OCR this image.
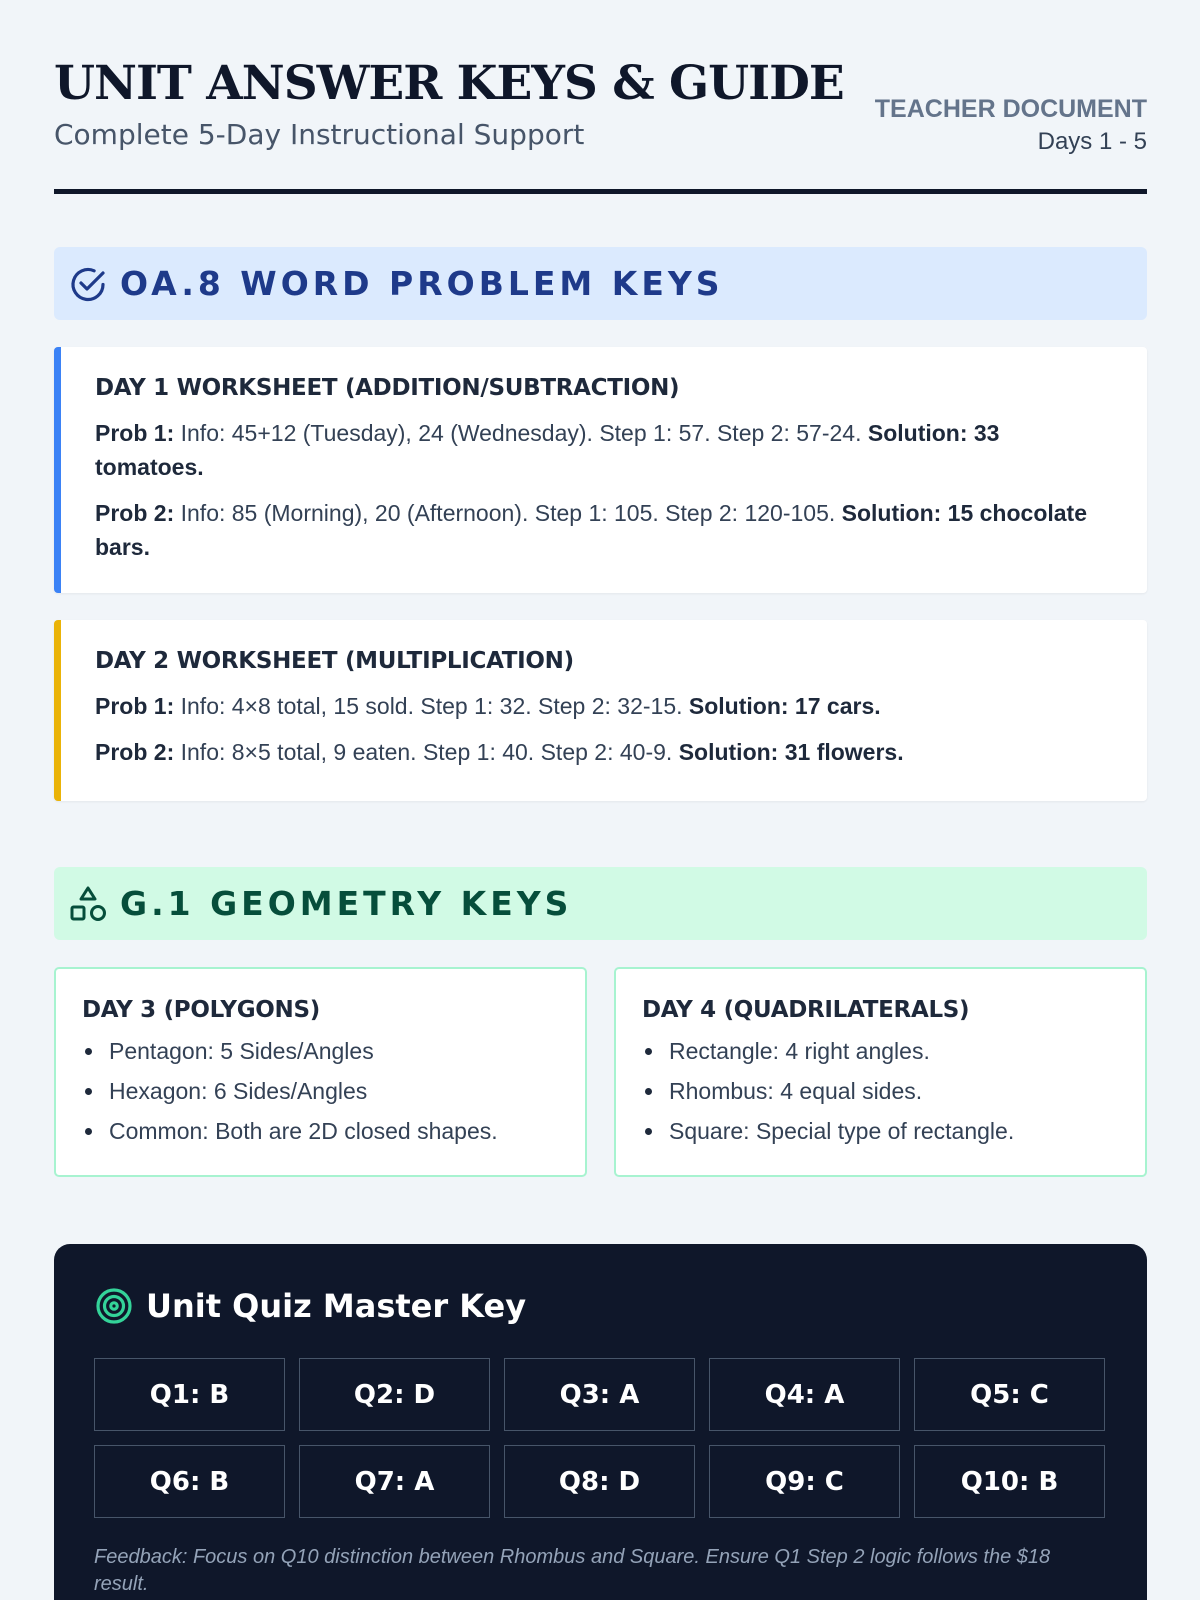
UNIT ANSWER KEYS & GUIDE
Complete 5-Day Instructional Support
TEACHER DOCUMENT
Days 1 - 5
OA.8 WORD PROBLEM KEYS
DAY 1 WORKSHEET (ADDITION/SUBTRACTION)

Prob 1: Info: 45+12 (Tuesday), 24 (Wednesday). Step 1: 57. Step 2: 57-24. Solution: 33 tomatoes.

Prob 2: Info: 85 (Morning), 20 (Afternoon). Step 1: 105. Step 2: 120-105. Solution: 15 chocolate bars.

DAY 2 WORKSHEET (MULTIPLICATION)

Prob 1: Info: 4×8 total, 15 sold. Step 1: 32. Step 2: 32-15. Solution: 17 cars.

Prob 2: Info: 8×5 total, 9 eaten. Step 1: 40. Step 2: 40-9. Solution: 31 flowers.

G.1 GEOMETRY KEYS
DAY 3 (POLYGONS)
Pentagon: 5 Sides/Angles
Hexagon: 6 Sides/Angles
Common: Both are 2D closed shapes.
DAY 4 (QUADRILATERALS)
Rectangle: 4 right angles.
Rhombus: 4 equal sides.
Square: Special type of rectangle.
Unit Quiz Master Key
Q1: B	Q2: D	Q3: A	Q4: A	Q5: C
Q6: B	Q7: A	Q8: D	Q9: C	Q10: B
Feedback: Focus on Q10 distinction between Rhombus and Square. Ensure Q1 Step 2 logic follows the $18 result.
